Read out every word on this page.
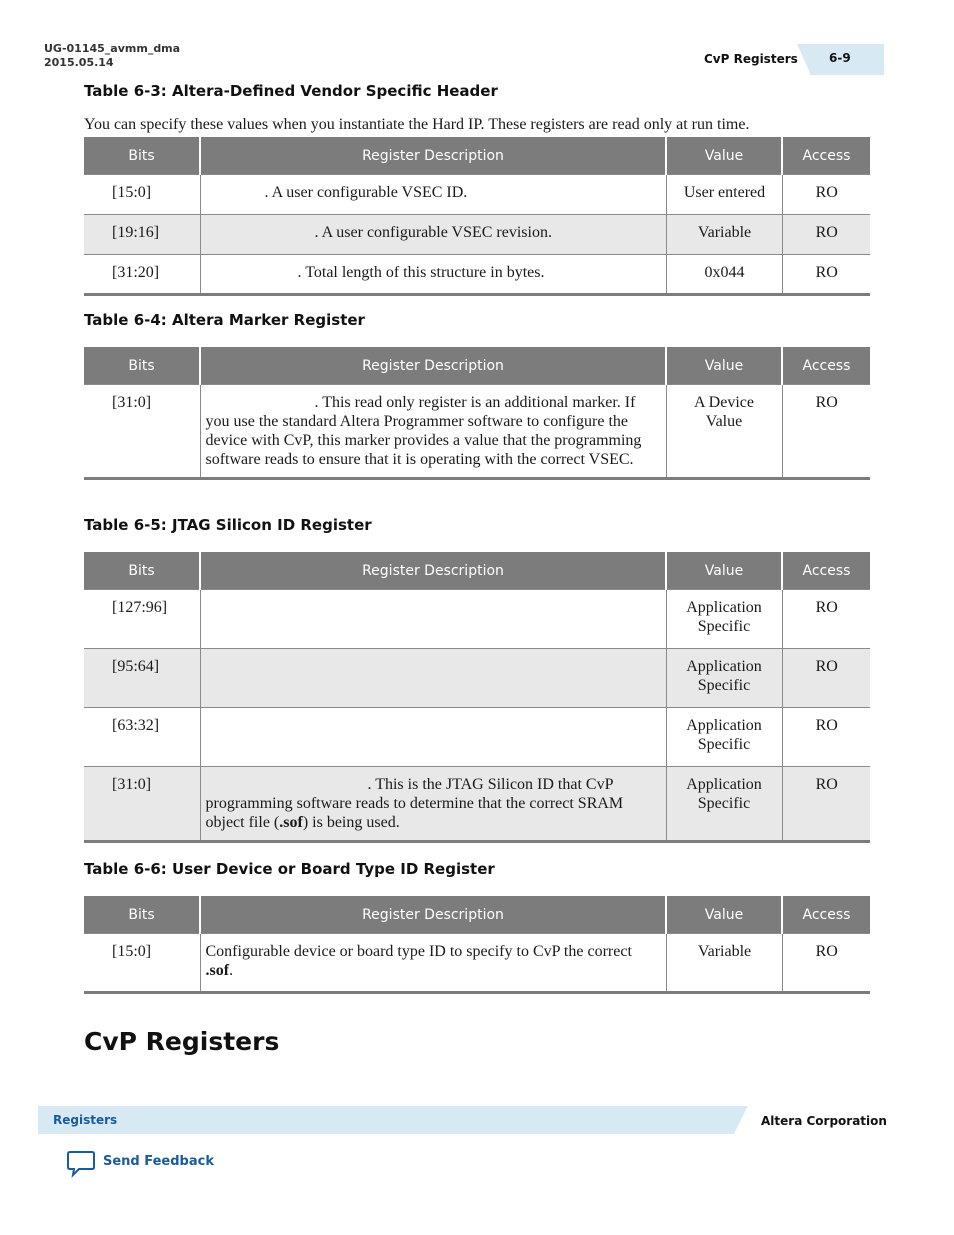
UG-01145_avmm_dma
2015.05.14	CvP Registers	6-9
Table 6-3: Altera-Defined Vendor Specific Header
You can specify these values when you instantiate the Hard IP. These registers are read only at run time.
Bits	Register Description	Value	Access
[15:0]	. A user configurable VSEC ID.	User entered	RO
[19:16]	. A user configurable VSEC revision.	Variable	RO
[31:20]	. Total length of this structure in bytes.	0x044	RO
Table 6-4: Altera Marker Register
Bits	Register Description	Value	Access
[31:0]	. This read only register is an additional marker. If you use the standard Altera Programmer software to configure the device with CvP, this marker provides a value that the programming software reads to ensure that it is operating with the correct VSEC.	A Device Value	RO
Table 6-5: JTAG Silicon ID Register
Bits	Register Description	Value	Access
[127:96]		Application Specific	RO
[95:64]		Application Specific	RO
[63:32]		Application Specific	RO
[31:0]	. This is the JTAG Silicon ID that CvP programming software reads to determine that the correct SRAM object file (.sof) is being used.	Application Specific	RO
Table 6-6: User Device or Board Type ID Register
Bits	Register Description	Value	Access
[15:0]	Configurable device or board type ID to specify to CvP the correct .sof.	Variable	RO
CvP Registers
Registers	Altera Corporation
Send Feedback
